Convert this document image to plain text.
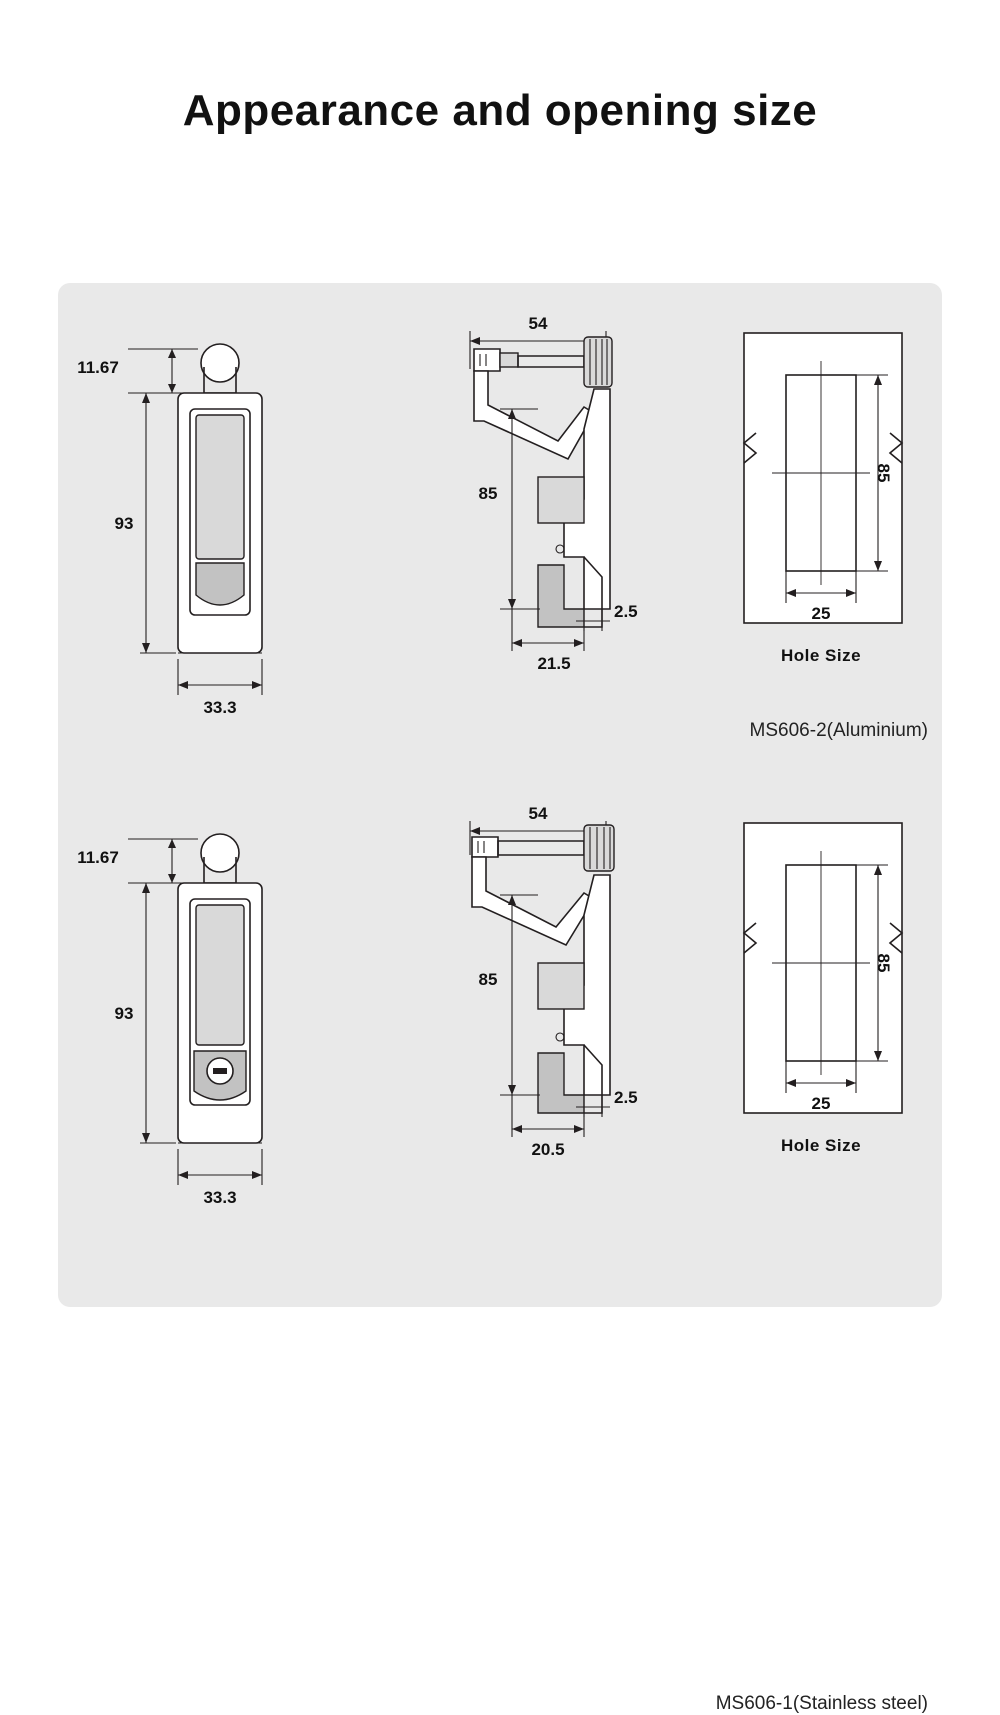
Appearance and opening size
11.67
93
33.3
54
85
21.5
2.5
85
25
Hole Size
MS606-2(Aluminium)
11.67
93
33.3
54
85
20.5
2.5
85
25
Hole Size
MS606-1(Stainless steel)
